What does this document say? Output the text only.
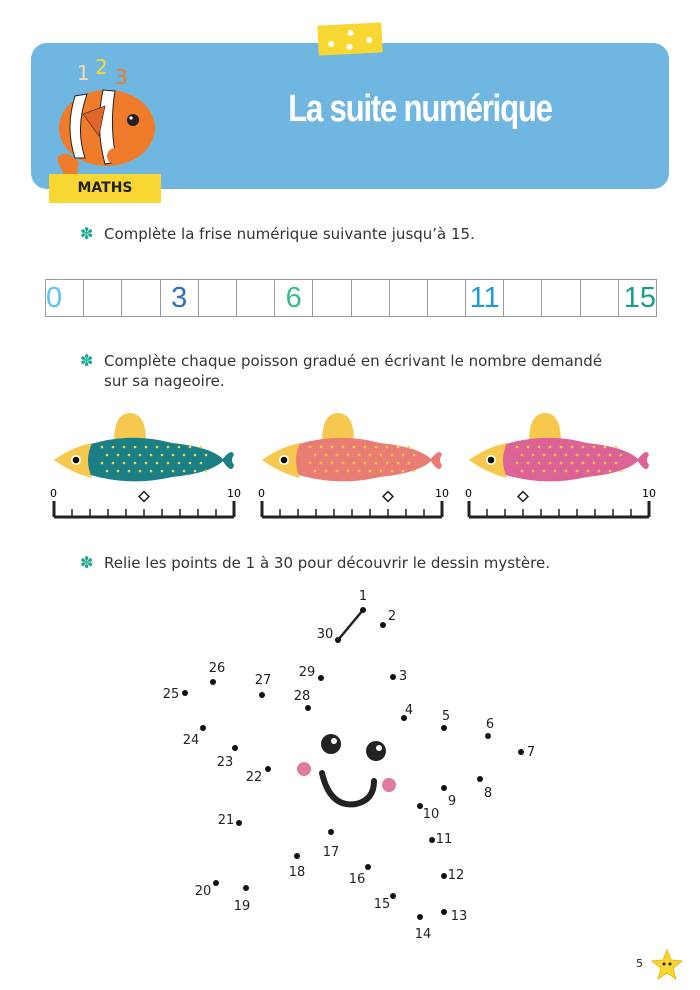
1 2 3
La suite numérique
MATHS
✽ Complète la frise numérique suivante jusqu’à 15.
0	3	6	11	15
✽ Complète chaque poisson gradué en écrivant le nombre demandé
sur sa nageoire.
0	10 0	10 0	10
✽ Relie les points de 1 à 30 pour découvrir le dessin mystère.
1
2
3
4 5
6
7
8
9
10
11
12
13
14
15
16
17
18
19
20
21
22
23
24
25
26
27
28
29
30
5
